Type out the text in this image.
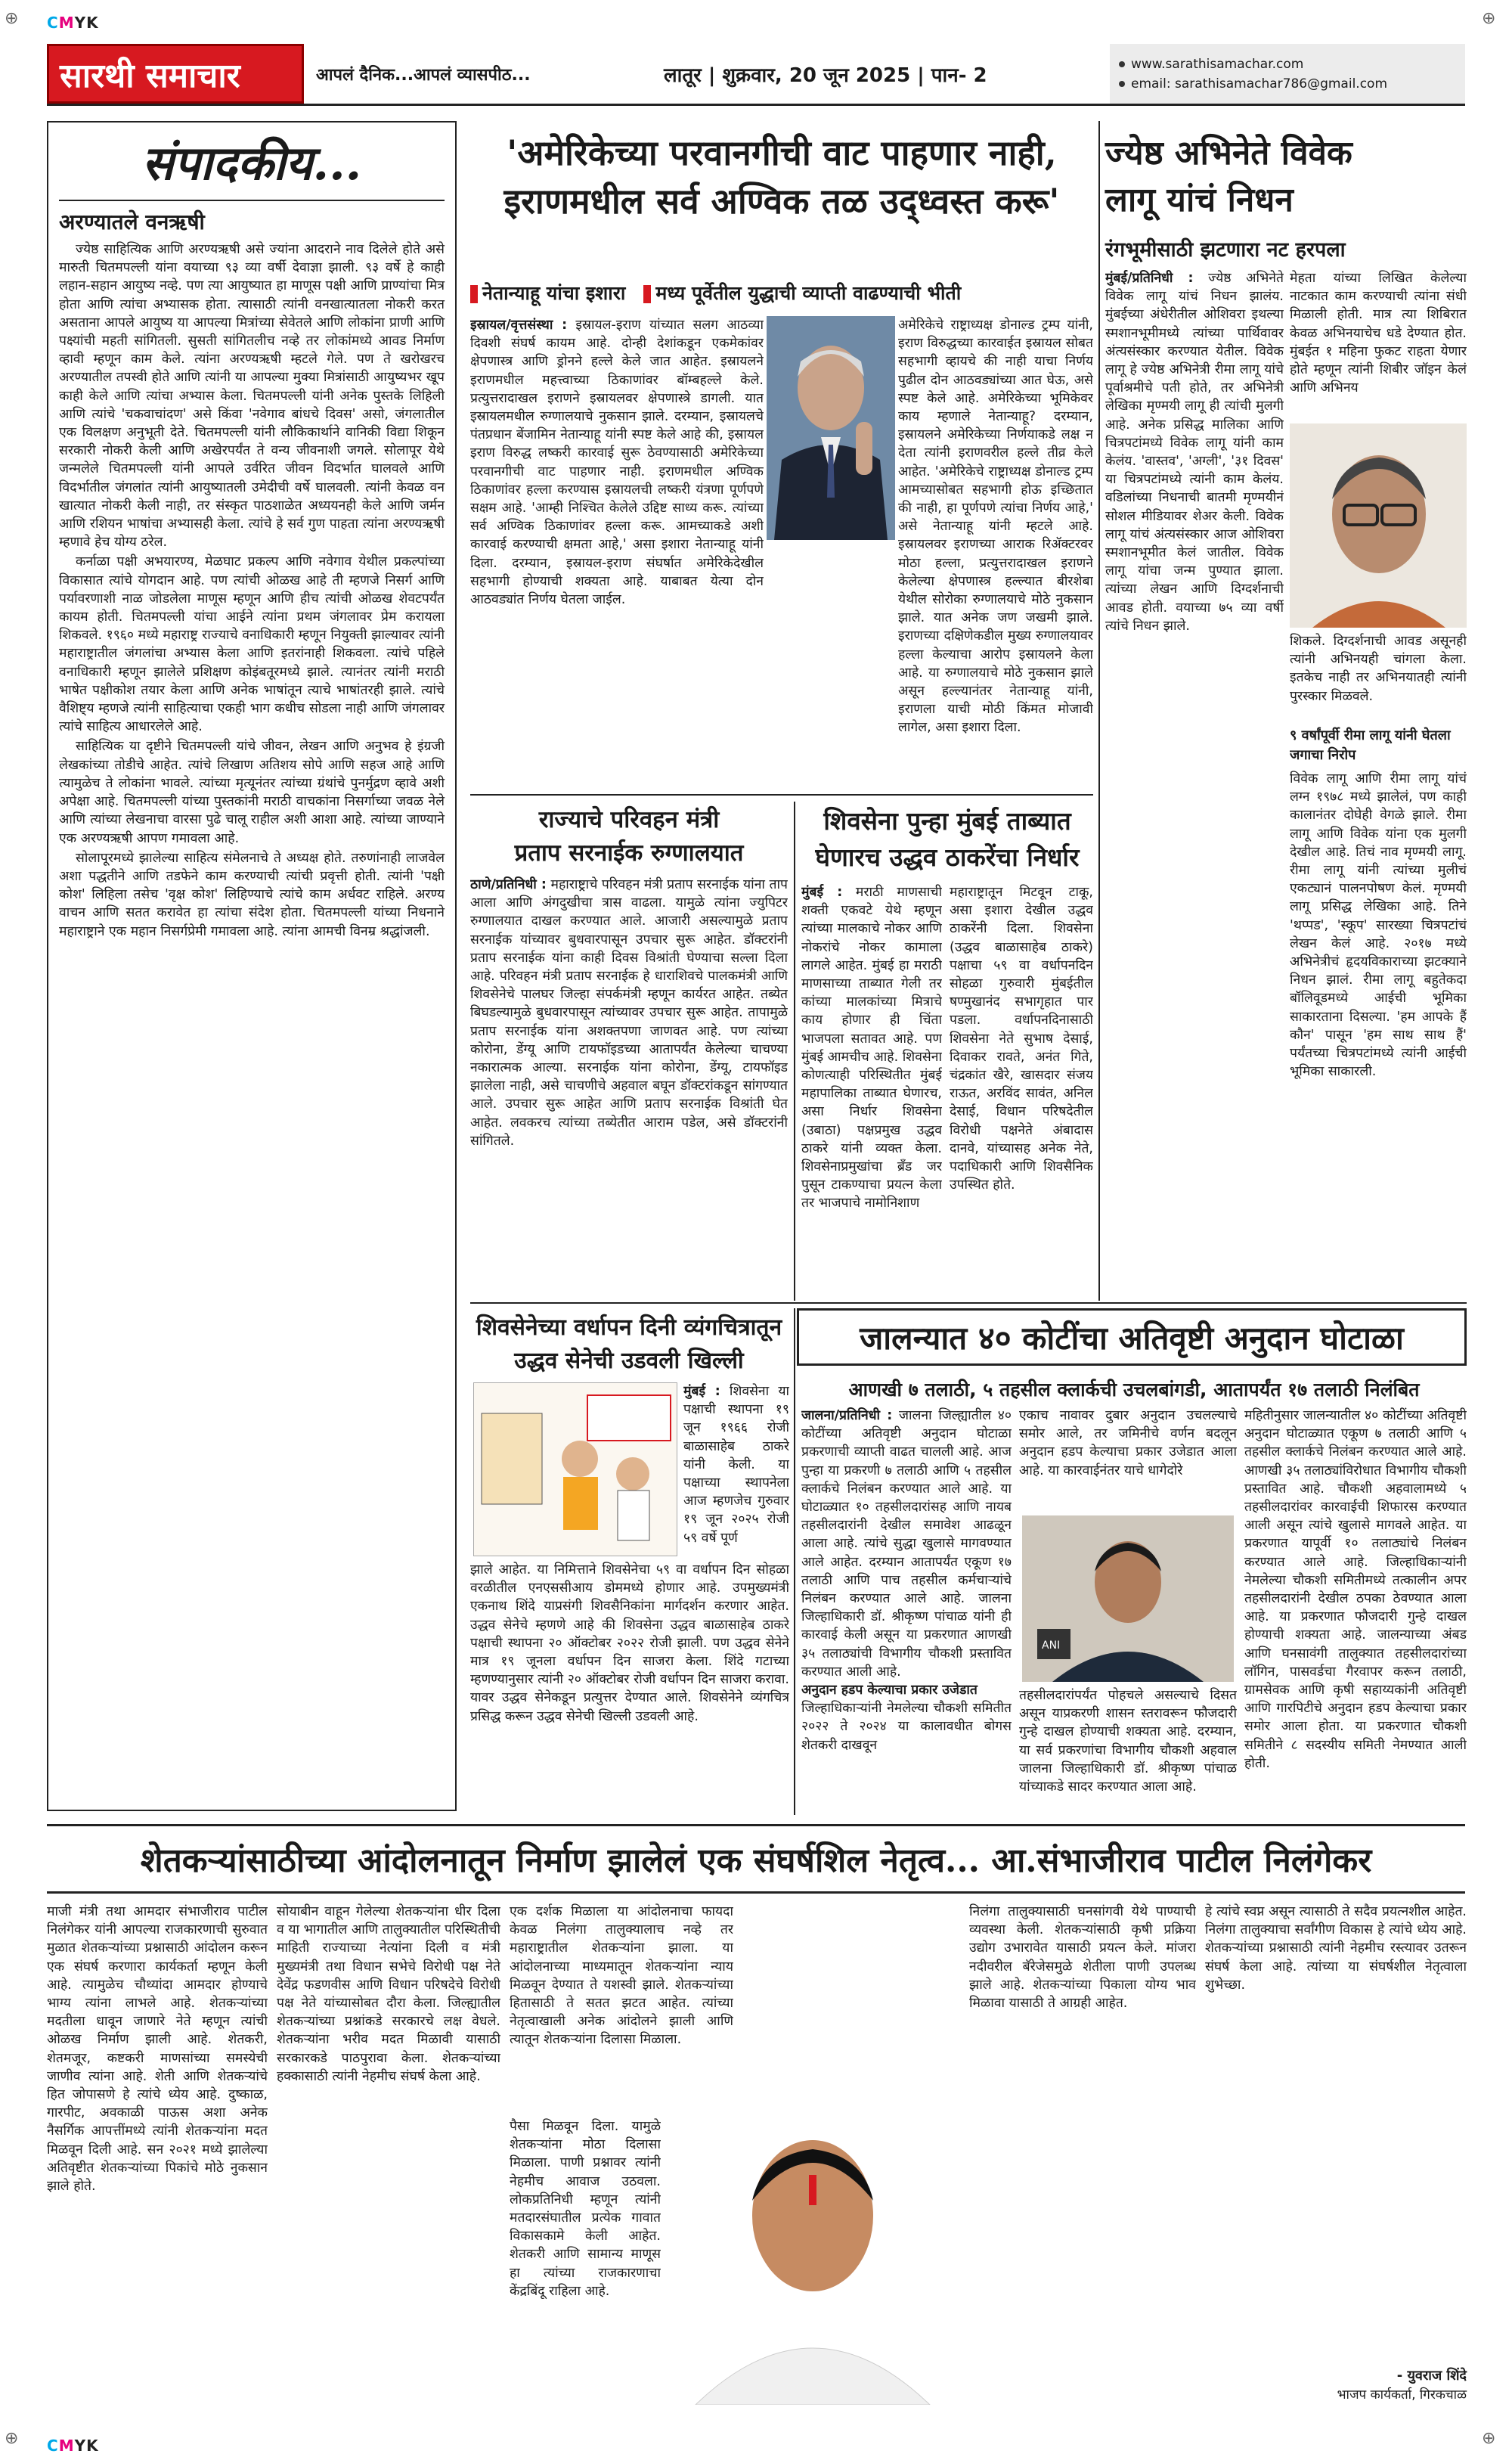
CMYK
⊕	⊕
⊕	⊕
CMYK
सारथी समाचार	आपलं दैनिक...आपलं व्यासपीठ...	लातूर | शुक्रवार, 20 जून 2025 | पान- 2	www.sarathisamachar.com
email: sarathisamachar786@gmail.com
संपादकीय...
अरण्यातले वनऋषी

ज्येष्ठ साहित्यिक आणि अरण्यऋषी असे ज्यांना आदराने नाव दिलेले होते असे मारुती चितमपल्ली यांना वयाच्या ९३ व्या वर्षी देवाज्ञा झाली. ९३ वर्षे हे काही लहान-सहान आयुष्य नव्हे. पण त्या आयुष्यात हा माणूस पक्षी आणि प्राण्यांचा मित्र होता आणि त्यांचा अभ्यासक होता. त्यासाठी त्यांनी वनखात्यातला नोकरी करत असताना आपले आयुष्य या आपल्या मित्रांच्या सेवेतले आणि लोकांना प्राणी आणि पक्ष्यांची महती सांगितली. सुसती सांगितलीच नव्हे तर लोकांमध्ये आवड निर्माण व्हावी म्हणून काम केले. त्यांना अरण्यऋषी म्हटले गेले. पण ते खरोखरच अरण्यातील तपस्वी होते आणि त्यांनी या आपल्या मुक्या मित्रांसाठी आयुष्यभर खूप काही केले आणि त्यांचा अभ्यास केला. चितमपल्ली यांनी अनेक पुस्तके लिहिली आणि त्यांचे 'चकवाचांदण' असे किंवा 'नवेगाव बांधचे दिवस' असो, जंगलातील एक विलक्षण अनुभूती देते. चितमपल्ली यांनी लौकिकार्थाने वानिकी विद्या शिकून सरकारी नोकरी केली आणि अखेरपर्यंत ते वन्य जीवनाशी जगले. सोलापूर येथे जन्मलेले चितमपल्ली यांनी आपले उर्वरित जीवन विदर्भात घालवले आणि विदर्भातील जंगलांत त्यांनी आयुष्यातली उमेदीची वर्षे घालवली. त्यांनी केवळ वन खात्यात नोकरी केली नाही, तर संस्कृत पाठशाळेत अध्ययनही केले आणि जर्मन आणि रशियन भाषांचा अभ्यासही केला. त्यांचे हे सर्व गुण पाहता त्यांना अरण्यऋषी म्हणावे हेच योग्य ठरेल.

कर्नाळा पक्षी अभयारण्य, मेळघाट प्रकल्प आणि नवेगाव येथील प्रकल्पांच्या विकासात त्यांचे योगदान आहे. पण त्यांची ओळख आहे ती म्हणजे निसर्ग आणि पर्यावरणाशी नाळ जोडलेला माणूस म्हणून आणि हीच त्यांची ओळख शेवटपर्यंत कायम होती. चितमपल्ली यांचा आईने त्यांना प्रथम जंगलावर प्रेम करायला शिकवले. १९६० मध्ये महाराष्ट्र राज्याचे वनाधिकारी म्हणून नियुक्ती झाल्यावर त्यांनी महाराष्ट्रातील जंगलांचा अभ्यास केला आणि इतरांनाही शिकवला. त्यांचे पहिले वनाधिकारी म्हणून झालेले प्रशिक्षण कोइंबतूरमध्ये झाले. त्यानंतर त्यांनी मराठी भाषेत पक्षीकोश तयार केला आणि अनेक भाषांतून त्याचे भाषांतरही झाले. त्यांचे वैशिष्ट्य म्हणजे त्यांनी साहित्याचा एकही भाग कधीच सोडला नाही आणि जंगलावर त्यांचे साहित्य आधारलेले आहे.

साहित्यिक या दृष्टीने चितमपल्ली यांचे जीवन, लेखन आणि अनुभव हे इंग्रजी लेखकांच्या तोडीचे आहेत. त्यांचे लिखाण अतिशय सोपे आणि सहज आहे आणि त्यामुळेच ते लोकांना भावले. त्यांच्या मृत्यूनंतर त्यांच्या ग्रंथांचे पुनर्मुद्रण व्हावे अशी अपेक्षा आहे. चितमपल्ली यांच्या पुस्तकांनी मराठी वाचकांना निसर्गाच्या जवळ नेले आणि त्यांच्या लेखनाचा वारसा पुढे चालू राहील अशी आशा आहे. त्यांच्या जाण्याने एक अरण्यऋषी आपण गमावला आहे.

सोलापूरमध्ये झालेल्या साहित्य संमेलनाचे ते अध्यक्ष होते. तरुणांनाही लाजवेल अशा पद्धतीने आणि तडफेने काम करण्याची त्यांची प्रवृत्ती होती. त्यांनी 'पक्षी कोश' लिहिला तसेच 'वृक्ष कोश' लिहिण्याचे त्यांचे काम अर्धवट राहिले. अरण्य वाचन आणि सतत करावेत हा त्यांचा संदेश होता. चितमपल्ली यांच्या निधनाने महाराष्ट्राने एक महान निसर्गप्रेमी गमावला आहे. त्यांना आमची विनम्र श्रद्धांजली.

'अमेरिकेच्या परवानगीची वाट पाहणार नाही,
इराणमधील सर्व अण्विक तळ उद्ध्वस्त करू'
नेतान्याहू यांचा इशारा	मध्य पूर्वेतील युद्धाची व्याप्ती वाढण्याची भीती
इस्रायल/वृत्तसंस्था : इस्रायल-इराण यांच्यात सलग आठव्या दिवशी संघर्ष कायम आहे. दोन्ही देशांकडून एकमेकांवर क्षेपणास्त्र आणि ड्रोनने हल्ले केले जात आहेत. इस्रायलने इराणमधील महत्त्वाच्या ठिकाणांवर बॉम्बहल्ले केले. प्रत्युत्तरादाखल इराणने इस्रायलवर क्षेपणास्त्रे डागली. यात इस्रायलमधील रुग्णालयाचे नुकसान झाले. दरम्यान, इस्रायलचे पंतप्रधान बेंजामिन नेतान्याहू यांनी स्पष्ट केले आहे की, इस्रायल इराण विरुद्ध लष्करी कारवाई सुरू ठेवण्यासाठी अमेरिकेच्या परवानगीची वाट पाहणार नाही. इराणमधील अण्विक ठिकाणांवर हल्ला करण्यास इस्रायलची लष्करी यंत्रणा पूर्णपणे सक्षम आहे. 'आम्ही निश्चित केलेले उद्दिष्ट साध्य करू. त्यांच्या सर्व अण्विक ठिकाणांवर हल्ला करू. आमच्याकडे अशी कारवाई करण्याची क्षमता आहे,' असा इशारा नेतान्याहू यांनी दिला. दरम्यान, इस्रायल-इराण संघर्षात अमेरिकेदेखील सहभागी होण्याची शक्यता आहे. याबाबत येत्या दोन आठवड्यांत निर्णय घेतला जाईल.
अमेरिकेचे राष्ट्राध्यक्ष डोनाल्ड ट्रम्प यांनी, इराण विरुद्धच्या कारवाईत इस्रायल सोबत सहभागी व्हायचे की नाही याचा निर्णय पुढील दोन आठवड्यांच्या आत घेऊ, असे स्पष्ट केले आहे. अमेरिकेच्या भूमिकेवर काय म्हणाले नेतान्याहू? दरम्यान, इस्रायलने अमेरिकेच्या निर्णयाकडे लक्ष न देता त्यांनी इराणवरील हल्ले तीव्र केले आहेत. 'अमेरिकेचे राष्ट्राध्यक्ष डोनाल्ड ट्रम्प आमच्यासोबत सहभागी होऊ इच्छितात की नाही, हा पूर्णपणे त्यांचा निर्णय आहे,' असे नेतान्याहू यांनी म्हटले आहे. इस्रायलवर इराणच्या आराक रिॲक्टरवर मोठा हल्ला, प्रत्युत्तरादाखल इराणने केलेल्या क्षेपणास्त्र हल्ल्यात बीरशेबा येथील सोरोका रुग्णालयाचे मोठे नुकसान झाले. यात अनेक जण जखमी झाले. इराणच्या दक्षिणेकडील मुख्य रुग्णालयावर हल्ला केल्याचा आरोप इस्रायलने केला आहे. या रुग्णालयाचे मोठे नुकसान झाले असून हल्ल्यानंतर नेतान्याहू यांनी, इराणला याची मोठी किंमत मोजावी लागेल, असा इशारा दिला.
राज्याचे परिवहन मंत्री
प्रताप सरनाईक रुग्णालयात
ठाणे/प्रतिनिधी : महाराष्ट्राचे परिवहन मंत्री प्रताप सरनाईक यांना ताप आला आणि अंगदुखीचा त्रास वाढला. यामुळे त्यांना ज्युपिटर रुग्णालयात दाखल करण्यात आले. आजारी असल्यामुळे प्रताप सरनाईक यांच्यावर बुधवारपासून उपचार सुरू आहेत. डॉक्टरांनी प्रताप सरनाईक यांना काही दिवस विश्रांती घेण्याचा सल्ला दिला आहे. परिवहन मंत्री प्रताप सरनाईक हे धाराशिवचे पालकमंत्री आणि शिवसेनेचे पालघर जिल्हा संपर्कमंत्री म्हणून कार्यरत आहेत. तब्येत बिघडल्यामुळे बुधवारपासून त्यांच्यावर उपचार सुरू आहेत. तापामुळे प्रताप सरनाईक यांना अशक्तपणा जाणवत आहे. पण त्यांच्या कोरोना, डेंग्यू आणि टायफॉइडच्या आतापर्यंत केलेल्या चाचण्या नकारात्मक आल्या. सरनाईक यांना कोरोना, डेंग्यू, टायफॉइड झालेला नाही, असे चाचणीचे अहवाल बघून डॉक्टरांकडून सांगण्यात आले. उपचार सुरू आहेत आणि प्रताप सरनाईक विश्रांती घेत आहेत. लवकरच त्यांच्या तब्येतीत आराम पडेल, असे डॉक्टरांनी सांगितले.
शिवसेना पुन्हा मुंबई ताब्यात
घेणारच उद्धव ठाकरेंचा निर्धार
मुंबई : मराठी माणसाची शक्ती एकवटे येथे म्हणून त्यांच्या मालकाचे नोकर आणि नोकरांचे नोकर कामाला लागले आहेत. मुंबई हा मराठी माणसाच्या ताब्यात गेली तर कांच्या मालकांच्या मित्राचे काय होणार ही चिंता भाजपला सतावत आहे. पण मुंबई आमचीच आहे. शिवसेना कोणत्याही परिस्थितीत मुंबई महापालिका ताब्यात घेणारच, असा निर्धार शिवसेना (उबाठा) पक्षप्रमुख उद्धव ठाकरे यांनी व्यक्त केला. शिवसेनाप्रमुखांचा ब्रँड जर पुसून टाकण्याचा प्रयत्न केला तर भाजपाचे नामोनिशाण
महाराष्ट्रातून मिटवून टाकू, असा इशारा देखील उद्धव ठाकरेंनी दिला. शिवसेना (उद्धव बाळासाहेब ठाकरे) पक्षाचा ५९ वा वर्धापनदिन सोहळा गुरुवारी मुंबईतील षण्मुखानंद सभागृहात पार पडला. वर्धापनदिनासाठी शिवसेना नेते सुभाष देसाई, दिवाकर रावते, अनंत गिते, चंद्रकांत खैरे, खासदार संजय राऊत, अरविंद सावंत, अनिल देसाई, विधान परिषदेतील विरोधी पक्षनेते अंबादास दानवे, यांच्यासह अनेक नेते, पदाधिकारी आणि शिवसैनिक उपस्थित होते.
ज्येष्ठ अभिनेते विवेक
लागू यांचं निधन
रंगभूमीसाठी झटणारा नट हरपला
मुंबई/प्रतिनिधी : ज्येष्ठ अभिनेते विवेक लागू यांचं निधन झालंय. मुंबईच्या अंधेरीतील ओशिवरा इथल्या स्मशानभूमीमध्ये त्यांच्या पार्थिवावर अंत्यसंस्कार करण्यात येतील. विवेक लागू हे ज्येष्ठ अभिनेत्री रीमा लागू यांचे पूर्वाश्रमीचे पती होते, तर अभिनेत्री लेखिका मृण्मयी लागू ही त्यांची मुलगी आहे. अनेक प्रसिद्ध मालिका आणि चित्रपटांमध्ये विवेक लागू यांनी काम केलंय. 'वास्तव', 'अग्ली', '३१ दिवस' या चित्रपटांमध्ये त्यांनी काम केलंय. वडिलांच्या निधनाची बातमी मृण्मयीनं सोशल मीडियावर शेअर केली. विवेक लागू यांचं अंत्यसंस्कार आज ओशिवरा स्मशानभूमीत केलं जातील. विवेक लागू यांचा जन्म पुण्यात झाला. त्यांच्या लेखन आणि दिग्दर्शनाची आवड होती. वयाच्या ७५ व्या वर्षी त्यांचे निधन झाले.
मेहता यांच्या लिखित केलेल्या नाटकात काम करण्याची त्यांना संधी मिळाली होती. मात्र त्या शिबिरात केवळ अभिनयाचेच धडे देण्यात होत. मुंबईत १ महिना फुकट राहता येणार होते म्हणून त्यांनी शिबीर जॉइन केलं आणि अभिनय
शिकले. दिग्दर्शनाची आवड असूनही त्यांनी अभिनयही चांगला केला. इतकेच नाही तर अभिनयातही त्यांनी पुरस्कार मिळवले.
९ वर्षांपूर्वी रीमा लागू यांनी घेतला जगाचा निरोप
विवेक लागू आणि रीमा लागू यांचं लग्न १९७८ मध्ये झालेलं, पण काही कालानंतर दोघेही वेगळे झाले. रीमा लागू आणि विवेक यांना एक मुलगी देखील आहे. तिचं नाव मृण्मयी लागू. रीमा लागू यांनी त्यांच्या मुलीचं एकट्यानं पालनपोषण केलं. मृण्मयी लागू प्रसिद्ध लेखिका आहे. तिने 'थप्पड', 'स्कूप' सारख्या चित्रपटांचं लेखन केलं आहे. २०१७ मध्ये अभिनेत्रीचं हृदयविकाराच्या झटक्याने निधन झालं. रीमा लागू बहुतेकदा बॉलिवूडमध्ये आईची भूमिका साकारताना दिसल्या. 'हम आपके हैं कौन' पासून 'हम साथ साथ हैं' पर्यंतच्या चित्रपटांमध्ये त्यांनी आईची भूमिका साकारली.
शिवसेनेच्या वर्धापन दिनी व्यंगचित्रातून
उद्धव सेनेची उडवली खिल्ली
मुंबई : शिवसेना या पक्षाची स्थापना १९ जून १९६६ रोजी बाळासाहेब ठाकरे यांनी केली. या पक्षाच्या स्थापनेला आज म्हणजेच गुरुवार १९ जून २०२५ रोजी ५९ वर्षे पूर्ण
झाले आहेत. या निमित्ताने शिवसेनेचा ५९ वा वर्धापन दिन सोहळा वरळीतील एनएससीआय डोममध्ये होणार आहे. उपमुख्यमंत्री एकनाथ शिंदे याप्रसंगी शिवसैनिकांना मार्गदर्शन करणार आहेत. उद्धव सेनेचे म्हणणे आहे की शिवसेना उद्धव बाळासाहेब ठाकरे पक्षाची स्थापना २० ऑक्टोबर २०२२ रोजी झाली. पण उद्धव सेनेने मात्र १९ जूनला वर्धापन दिन साजरा केला. शिंदे गटाच्या म्हणण्यानुसार त्यांनी २० ऑक्टोबर रोजी वर्धापन दिन साजरा करावा. यावर उद्धव सेनेकडून प्रत्युत्तर देण्यात आले. शिवसेनेने व्यंगचित्र प्रसिद्ध करून उद्धव सेनेची खिल्ली उडवली आहे.
जालन्यात ४० कोटींचा अतिवृष्टी अनुदान घोटाळा
आणखी ७ तलाठी, ५ तहसील क्लार्कची उचलबांगडी, आतापर्यंत १७ तलाठी निलंबित
जालना/प्रतिनिधी : जालना जिल्ह्यातील ४० कोटींच्या अतिवृष्टी अनुदान घोटाळा प्रकरणाची व्याप्ती वाढत चालली आहे. आज पुन्हा या प्रकरणी ७ तलाठी आणि ५ तहसील क्लार्कचे निलंबन करण्यात आले आहे. या घोटाळ्यात १० तहसीलदारांसह आणि नायब तहसीलदारांनी देखील समावेश आढळून आला आहे. त्यांचे सुद्धा खुलासे मागवण्यात आले आहेत. दरम्यान आतापर्यंत एकूण १७ तलाठी आणि पाच तहसील कर्मचाऱ्यांचे निलंबन करण्यात आले आहे. जालना जिल्हाधिकारी डॉ. श्रीकृष्ण पांचाळ यांनी ही कारवाई केली असून या प्रकरणात आणखी ३५ तलाठ्यांची विभागीय चौकशी प्रस्तावित करण्यात आली आहे.
अनुदान हडप केल्याचा प्रकार उजेडात
जिल्हाधिकाऱ्यांनी नेमलेल्या चौकशी समितीत २०२२ ते २०२४ या कालावधीत बोगस शेतकरी दाखवून
एकाच नावावर दुबार अनुदान उचलल्याचे समोर आले, तर जमिनीचे वर्णन बदलून अनुदान हडप केल्याचा प्रकार उजेडात आला आहे. या कारवाईनंतर याचे धागेदोरे
ANI
तहसीलदारांपर्यंत पोहचले असल्याचे दिसत असून याप्रकरणी शासन स्तरावरून फौजदारी गुन्हे दाखल होण्याची शक्यता आहे. दरम्यान, या सर्व प्रकरणांचा विभागीय चौकशी अहवाल जालना जिल्हाधिकारी डॉ. श्रीकृष्ण पांचाळ यांच्याकडे सादर करण्यात आला आहे.
महितीनुसार जालन्यातील ४० कोटींच्या अतिवृष्टी अनुदान घोटाळ्यात एकूण ७ तलाठी आणि ५ तहसील क्लार्कचे निलंबन करण्यात आले आहे. आणखी ३५ तलाठ्यांविरोधात विभागीय चौकशी प्रस्तावित आहे. चौकशी अहवालामध्ये ५ तहसीलदारांवर कारवाईची शिफारस करण्यात आली असून त्यांचे खुलासे मागवले आहेत. या प्रकरणात यापूर्वी १० तलाठ्यांचे निलंबन करण्यात आले आहे. जिल्हाधिकाऱ्यांनी नेमलेल्या चौकशी समितीमध्ये तत्कालीन अपर तहसीलदारांनी देखील ठपका ठेवण्यात आला आहे. या प्रकरणात फौजदारी गुन्हे दाखल होण्याची शक्यता आहे. जालन्याच्या अंबड आणि घनसावंगी तालुक्यात तहसीलदारांच्या लॉगिन, पासवर्डचा गैरवापर करून तलाठी, ग्रामसेवक आणि कृषी सहाय्यकांनी अतिवृष्टी आणि गारपिटीचे अनुदान हडप केल्याचा प्रकार समोर आला होता. या प्रकरणात चौकशी समितीने ८ सदस्यीय समिती नेमण्यात आली होती.
शेतकऱ्यांसाठीच्या आंदोलनातून निर्माण झालेलं एक संघर्षशिल नेतृत्व... आ.संभाजीराव पाटील निलंगेकर
माजी मंत्री तथा आमदार संभाजीराव पाटील निलंगेकर यांनी आपल्या राजकारणाची सुरुवात मुळात शेतकऱ्यांच्या प्रश्नासाठी आंदोलन करून एक संघर्ष करणारा कार्यकर्ता म्हणून केली आहे. त्यामुळेच चौथ्यांदा आमदार होण्याचे भाग्य त्यांना लाभले आहे. शेतकऱ्यांच्या मदतीला धावून जाणारे नेते म्हणून त्यांची ओळख निर्माण झाली आहे. शेतकरी, शेतमजूर, कष्टकरी माणसांच्या समस्येची जाणीव त्यांना आहे. शेती आणि शेतकऱ्यांचे हित जोपासणे हे त्यांचे ध्येय आहे. दुष्काळ, गारपीट, अवकाळी पाऊस अशा अनेक नैसर्गिक आपत्तींमध्ये त्यांनी शेतकऱ्यांना मदत मिळवून दिली आहे. सन २०२१ मध्ये झालेल्या अतिवृष्टीत शेतकऱ्यांच्या पिकांचे मोठे नुकसान झाले होते.
सोयाबीन वाहून गेलेल्या शेतकऱ्यांना धीर दिला व या भागातील आणि तालुक्यातील परिस्थितीची माहिती राज्याच्या नेत्यांना दिली व मंत्री मुख्यमंत्री तथा विधान सभेचे विरोधी पक्ष नेते देवेंद्र फडणवीस आणि विधान परिषदेचे विरोधी पक्ष नेते यांच्यासोबत दौरा केला. जिल्ह्यातील शेतकऱ्यांच्या प्रश्नांकडे सरकारचे लक्ष वेधले. शेतकऱ्यांना भरीव मदत मिळावी यासाठी सरकारकडे पाठपुरावा केला. शेतकऱ्यांच्या हक्कासाठी त्यांनी नेहमीच संघर्ष केला आहे.
एक दर्शक मिळाला या आंदोलनाचा फायदा केवळ निलंगा तालुक्यालाच नव्हे तर महाराष्ट्रातील शेतकऱ्यांना झाला. या आंदोलनाच्या माध्यमातून शेतकऱ्यांना न्याय मिळवून देण्यात ते यशस्वी झाले. शेतकऱ्यांच्या हितासाठी ते सतत झटत आहेत. त्यांच्या नेतृत्वाखाली अनेक आंदोलने झाली आणि त्यातून शेतकऱ्यांना दिलासा मिळाला.
पैसा मिळवून दिला. यामुळे शेतकऱ्यांना मोठा दिलासा मिळाला. पाणी प्रश्नावर त्यांनी नेहमीच आवाज उठवला. लोकप्रतिनिधी म्हणून त्यांनी मतदारसंघातील प्रत्येक गावात विकासकामे केली आहेत. शेतकरी आणि सामान्य माणूस हा त्यांच्या राजकारणाचा केंद्रबिंदू राहिला आहे.
निलंगा तालुक्यासाठी घनसांगवी येथे पाण्याची व्यवस्था केली. शेतकऱ्यांसाठी कृषी प्रक्रिया उद्योग उभारावेत यासाठी प्रयत्न केले. मांजरा नदीवरील बॅरेजेसमुळे शेतीला पाणी उपलब्ध झाले आहे. शेतकऱ्यांच्या पिकाला योग्य भाव मिळावा यासाठी ते आग्रही आहेत.
हे त्यांचे स्वप्न असून त्यासाठी ते सदैव प्रयत्नशील आहेत. निलंगा तालुक्याचा सर्वांगीण विकास हे त्यांचे ध्येय आहे. शेतकऱ्यांच्या प्रश्नासाठी त्यांनी नेहमीच रस्त्यावर उतरून संघर्ष केला आहे. त्यांच्या या संघर्षशील नेतृत्वाला शुभेच्छा.
- युवराज शिंदे
भाजप कार्यकर्ता, गिरकचाळ
